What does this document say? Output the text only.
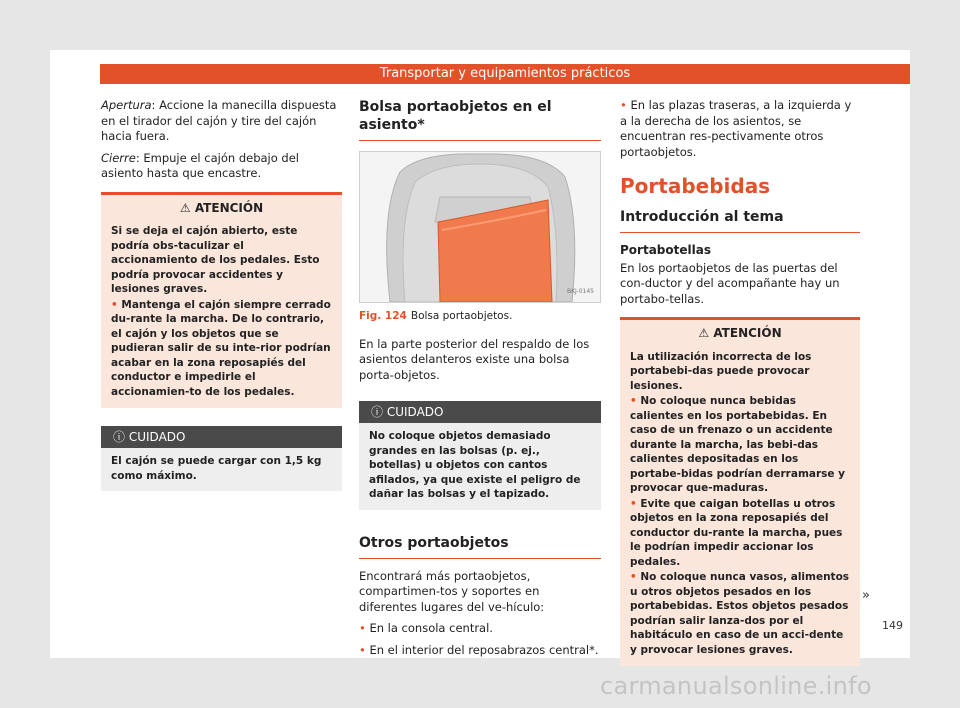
Transportar y equipamientos prácticos

Apertura: Accione la manecilla dispuesta en el tirador del cajón y tire del cajón hacia fuera.

Cierre: Empuje el cajón debajo del asiento hasta que encastre.

⚠ ATENCIÓN

Si se deja el cajón abierto, este podría obs-taculizar el accionamiento de los pedales. Esto podría provocar accidentes y lesiones graves.

• Mantenga el cajón siempre cerrado du-rante la marcha. De lo contrario, el cajón y los objetos que se pudieran salir de su inte-rior podrían acabar en la zona reposapiés del conductor e impedirle el accionamien-to de los pedales.

ⓘ CUIDADO
El cajón se puede cargar con 1,5 kg como máximo.
Bolsa portaobjetos en el asiento*
BKJ-0145
Fig. 124 Bolsa portaobjetos.

En la parte posterior del respaldo de los asientos delanteros existe una bolsa porta-objetos.

ⓘ CUIDADO
No coloque objetos demasiado grandes en las bolsas (p. ej., botellas) u objetos con cantos afilados, ya que existe el peligro de dañar las bolsas y el tapizado.
Otros portaobjetos

Encontrará más portaobjetos, compartimen-tos y soportes en diferentes lugares del ve-hículo:

• En la consola central.

• En el interior del reposabrazos central*.

• En las plazas traseras, a la izquierda y a la derecha de los asientos, se encuentran res-pectivamente otros portaobjetos.

Portabebidas
Introducción al tema
Portabotellas

En los portaobjetos de las puertas del con-ductor y del acompañante hay un portabo-tellas.

⚠ ATENCIÓN

La utilización incorrecta de los portabebi-das puede provocar lesiones.

• No coloque nunca bebidas calientes en los portabebidas. En caso de un frenazo o un accidente durante la marcha, las bebi-das calientes depositadas en los portabe-bidas podrían derramarse y provocar que-maduras.

• Evite que caigan botellas u otros objetos en la zona reposapiés del conductor du-rante la marcha, pues le podrían impedir accionar los pedales.

• No coloque nunca vasos, alimentos u otros objetos pesados en los portabebidas. Estos objetos pesados podrían salir lanza-dos por el habitáculo en caso de un acci-dente y provocar lesiones graves.

»
149
carmanualsonline.info
